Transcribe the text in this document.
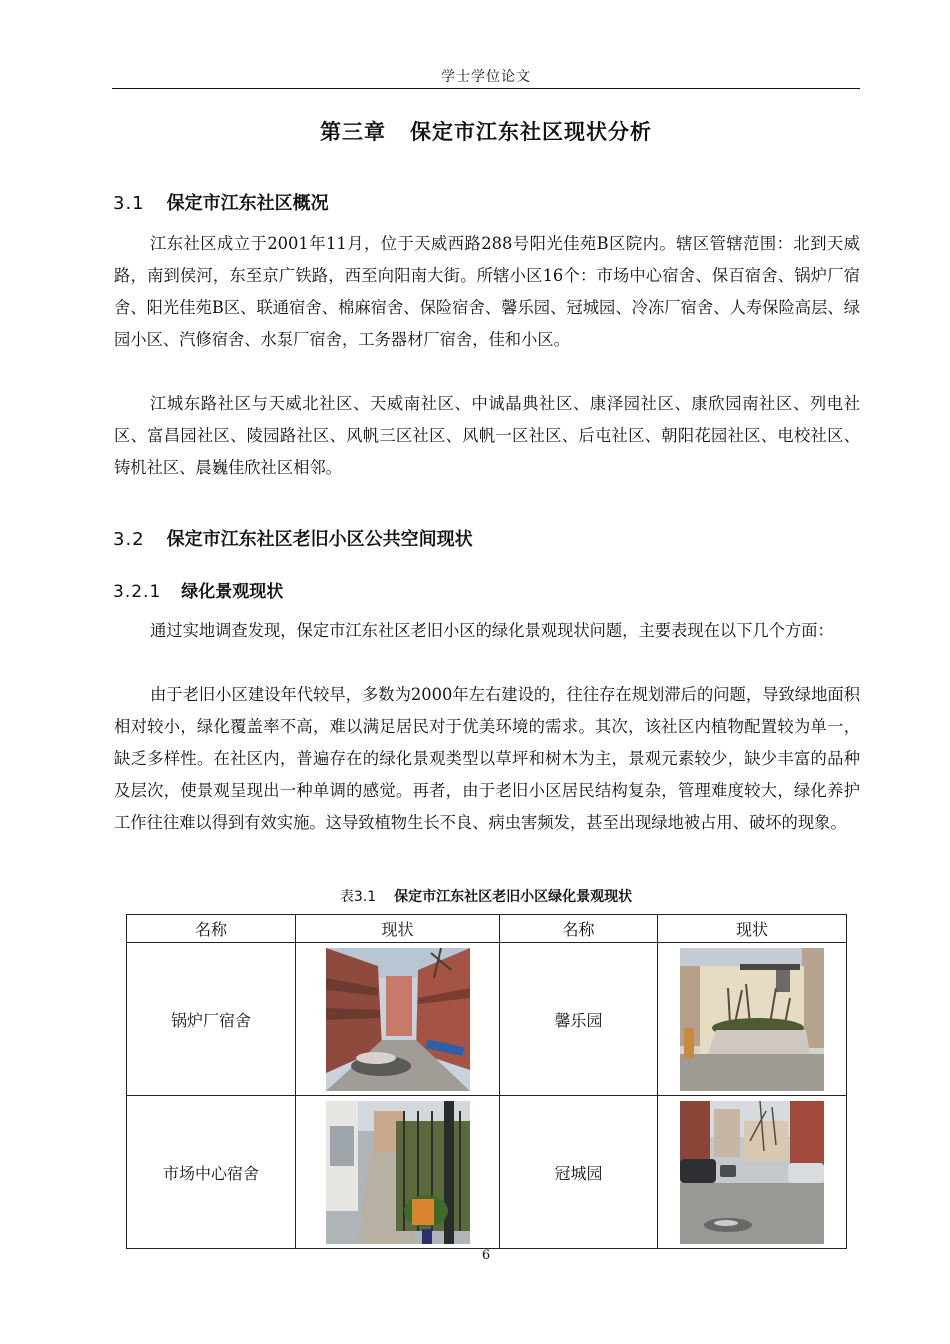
学士学位论文
第三章 保定市江东社区现状分析
3.1 保定市江东社区概况

江东社区成立于2001年11月，位于天威西路288号阳光佳苑B区院内。辖区管辖范围：北到天威路，南到侯河，东至京广铁路，西至向阳南大街。所辖小区16个：市场中心宿舍、保百宿舍、锅炉厂宿舍、阳光佳苑B区、联通宿舍、棉麻宿舍、保险宿舍、馨乐园、冠城园、冷冻厂宿舍、人寿保险高层、绿园小区、汽修宿舍、水泵厂宿舍，工务器材厂宿舍，佳和小区。

江城东路社区与天威北社区、天威南社区、中诚晶典社区、康泽园社区、康欣园南社区、列电社区、富昌园社区、陵园路社区、风帆三区社区、风帆一区社区、后屯社区、朝阳花园社区、电校社区、铸机社区、晨巍佳欣社区相邻。

3.2 保定市江东社区老旧小区公共空间现状
3.2.1 绿化景观现状

通过实地调查发现，保定市江东社区老旧小区的绿化景观现状问题，主要表现在以下几个方面：

由于老旧小区建设年代较早，多数为2000年左右建设的，往往存在规划滞后的问题，导致绿地面积相对较小，绿化覆盖率不高，难以满足居民对于优美环境的需求。其次，该社区内植物配置较为单一，缺乏多样性。在社区内，普遍存在的绿化景观类型以草坪和树木为主，景观元素较少，缺少丰富的品种及层次，使景观呈现出一种单调的感觉。再者，由于老旧小区居民结构复杂，管理难度较大，绿化养护工作往往难以得到有效实施。这导致植物生长不良、病虫害频发，甚至出现绿地被占用、破坏的现象。

表3.1 保定市江东社区老旧小区绿化景观现状
名称	现状	名称	现状
锅炉厂宿舍		馨乐园	

市场中心宿舍		冠城园	
6
